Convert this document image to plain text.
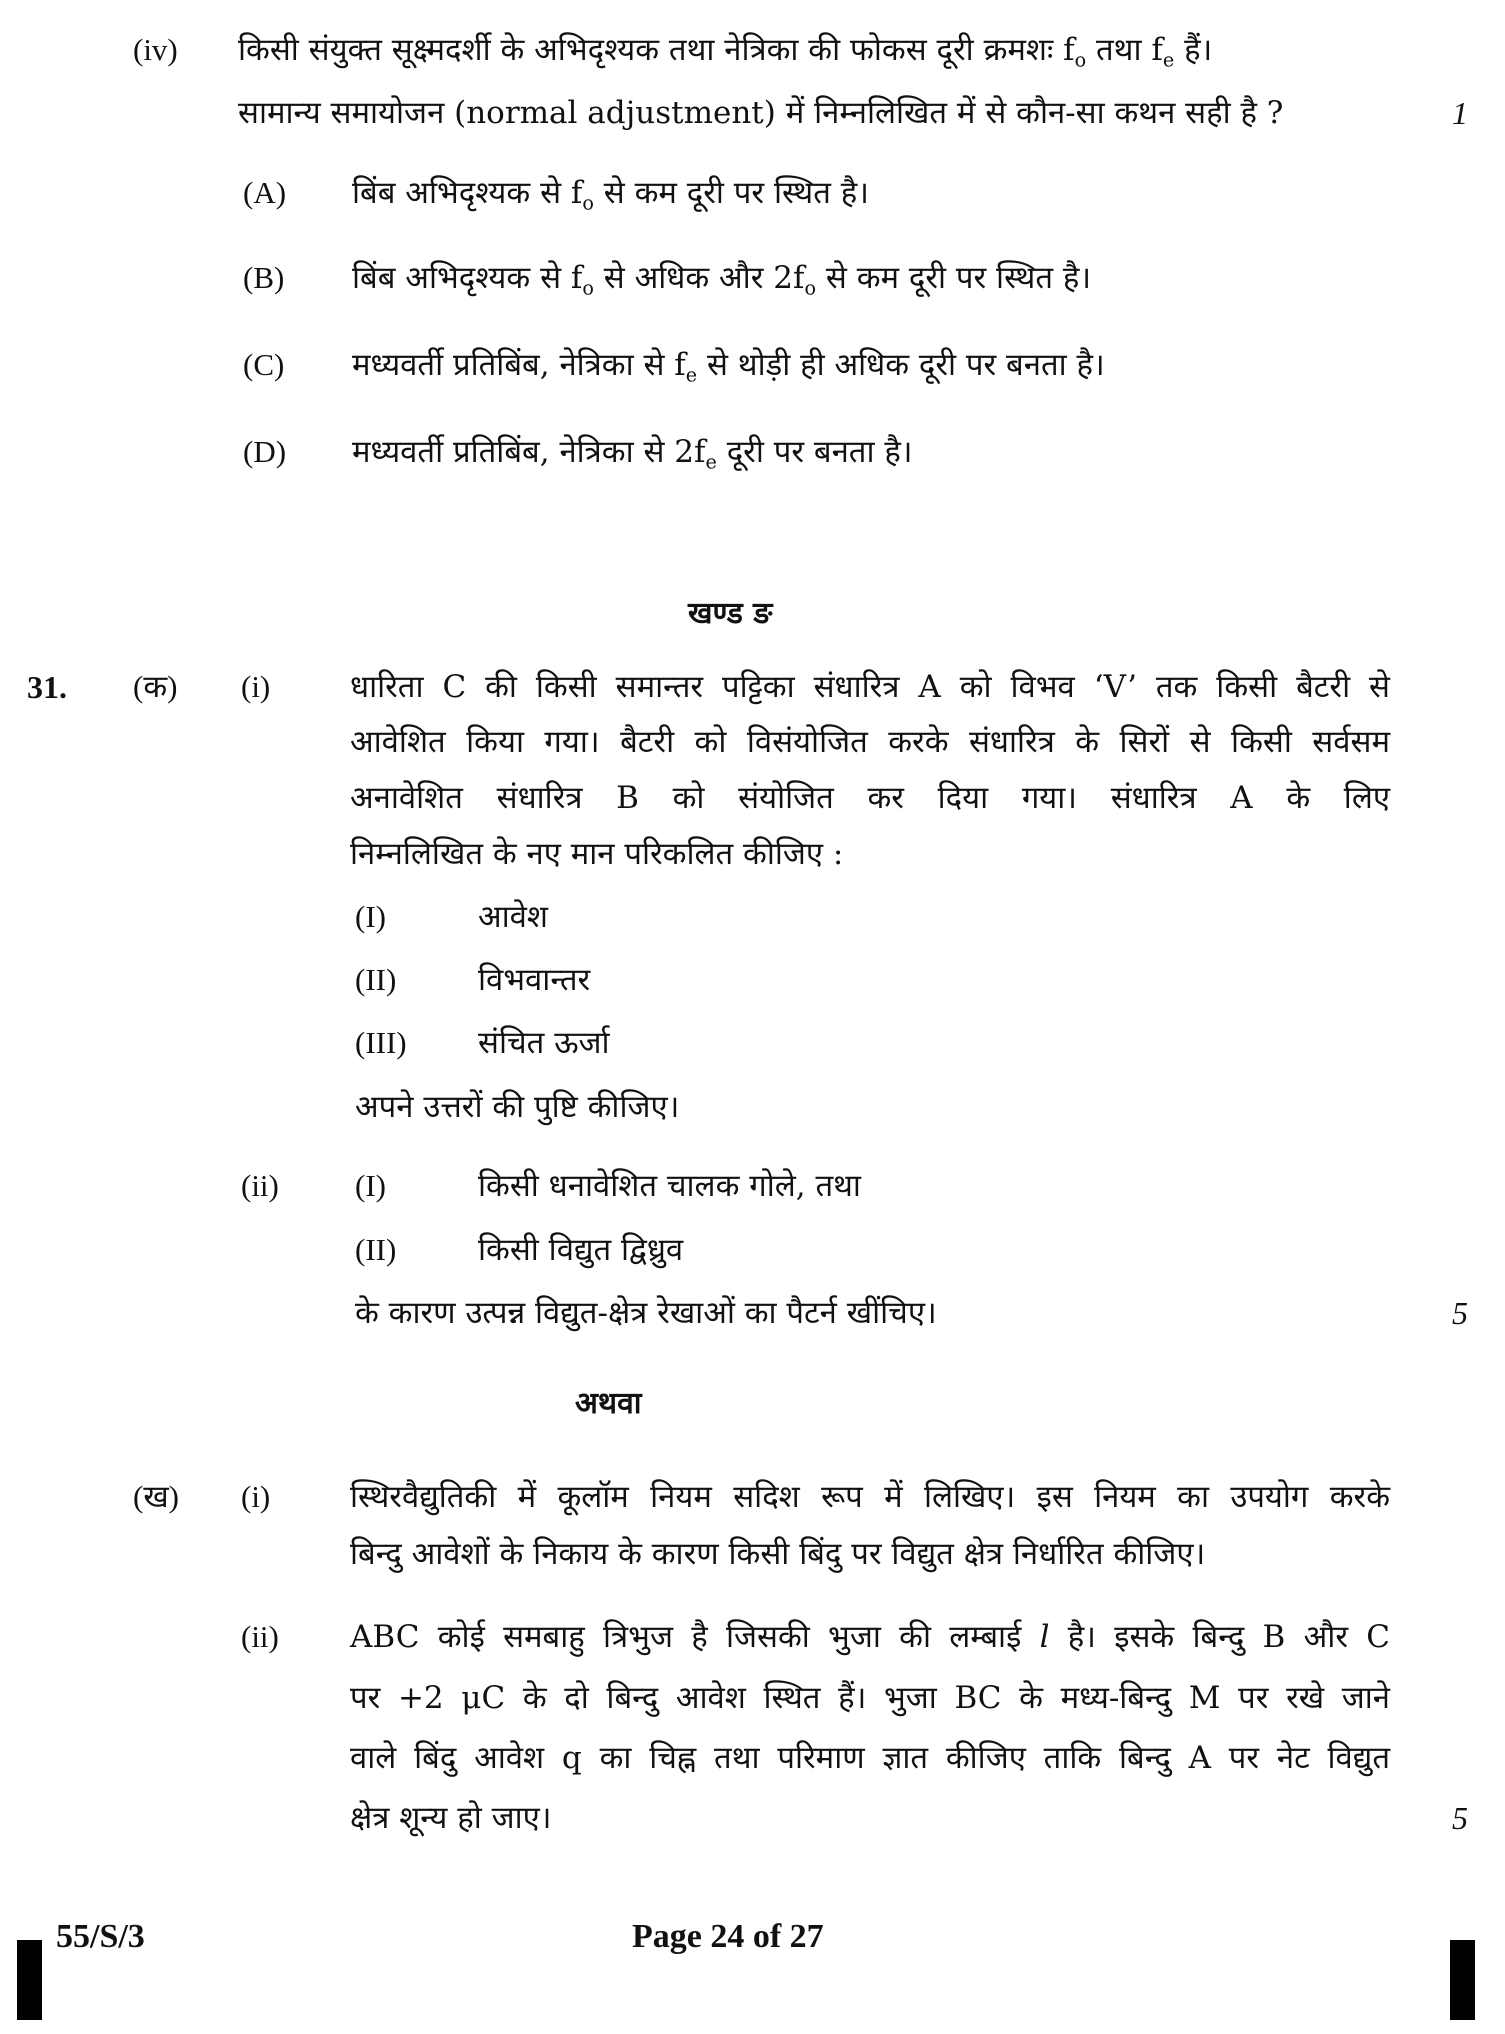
(iv) किसी संयुक्त सूक्ष्मदर्शी के अभिदृश्यक तथा नेत्रिका की फोकस दूरी क्रमशः $f_o$ तथा $f_e$ हैं।
सामान्य समायोजन (normal adjustment) में निम्नलिखित में से कौन-सा कथन सही है ?	1
(A) बिंब अभिदृश्यक से $f_o$ से कम दूरी पर स्थित है।
(B) बिंब अभिदृश्यक से $f_o$ से अधिक और $2f_o$ से कम दूरी पर स्थित है।
(C) मध्यवर्ती प्रतिबिंब, नेत्रिका से $f_e$ से थोड़ी ही अधिक दूरी पर बनता है।
(D) मध्यवर्ती प्रतिबिंब, नेत्रिका से $2f_e$ दूरी पर बनता है।
खण्ड ङ
31. (क) (i)	धारिता C की किसी समान्तर पट्टिका संधारित्र A को विभव ‘V’ तक किसी बैटरी से
आवेशित किया गया। बैटरी को विसंयोजित करके संधारित्र के सिरों से किसी सर्वसम
अनावेशित संधारित्र B को संयोजित कर दिया गया। संधारित्र A के लिए
निम्नलिखित के नए मान परिकलित कीजिए :
(I)	आवेश
(II)	विभवान्तर
(III) संचित ऊर्जा
अपने उत्तरों की पुष्टि कीजिए।
(ii) (I)	किसी धनावेशित चालक गोले, तथा
(II)	किसी विद्युत द्विध्रुव
के कारण उत्पन्न विद्युत-क्षेत्र रेखाओं का पैटर्न खींचिए।	5
अथवा
(ख) (i)	स्थिरवैद्युतिकी में कूलॉम नियम सदिश रूप में लिखिए। इस नियम का उपयोग करके
बिन्दु आवेशों के निकाय के कारण किसी बिंदु पर विद्युत क्षेत्र निर्धारित कीजिए।
(ii) ABC कोई समबाहु त्रिभुज है जिसकी भुजा की लम्बाई l है। इसके बिन्दु B और C
पर +2 μC के दो बिन्दु आवेश स्थित हैं। भुजा BC के मध्य-बिन्दु M पर रखे जाने
वाले बिंदु आवेश q का चिह्न तथा परिमाण ज्ञात कीजिए ताकि बिन्दु A पर नेट विद्युत
क्षेत्र शून्य हो जाए।	5
55/S/3	Page 24 of 27
